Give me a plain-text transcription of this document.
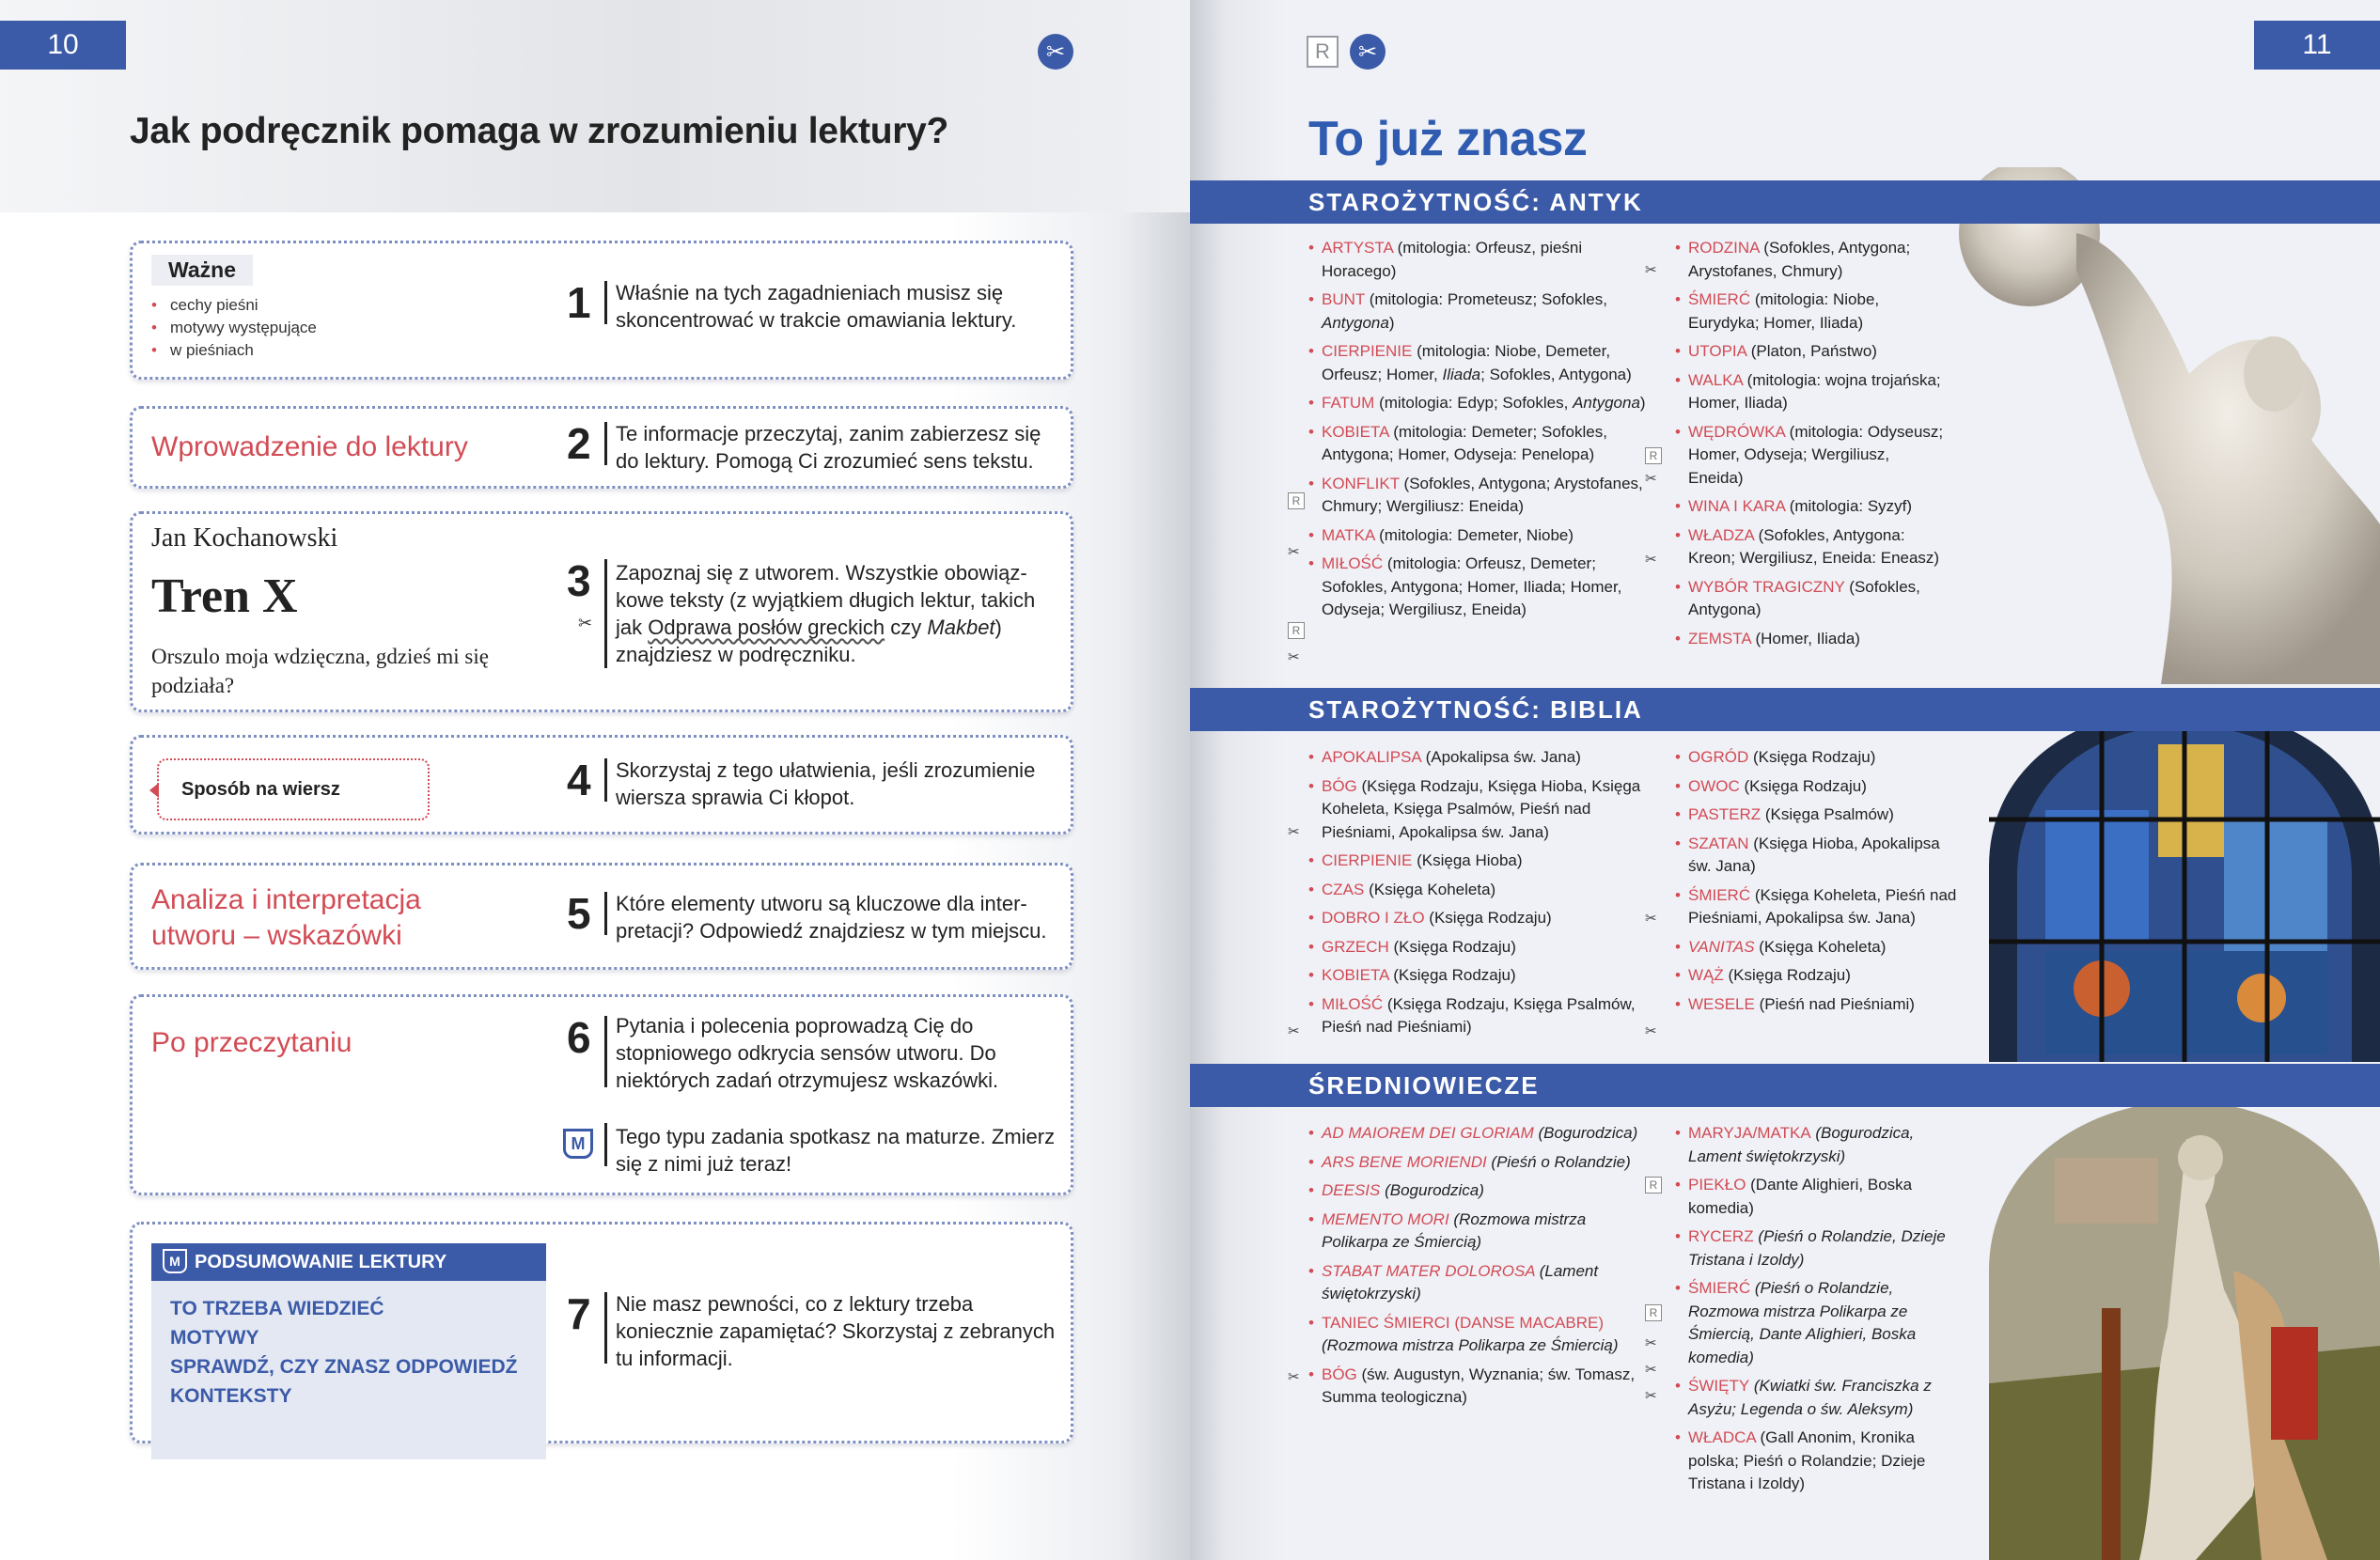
10	✂
Jak podręcznik pomaga w zrozumieniu lektury?
Ważne
• cechy pieśni
• motywy występujące
• w pieśniach
1 Właśnie na tych zagadnieniach musisz się skoncentrować w trakcie omawiania lektury.
Wprowadzenie do lektury 2 Te informacje przeczytaj, zanim zabierzesz się do lektury. Pomogą Ci zrozumieć sens tekstu.
Jan Kochanowski
Tren X
Orszulo moja wdzięczna, gdzieś mi się podziała?
3
✂
Zapoznaj się z utworem. Wszystkie obowiąz-kowe teksty (z wyjątkiem długich lektur, takich jak Odprawa posłów greckich czy Makbet) znajdziesz w podręczniku.
Sposób na wiersz	4 Skorzystaj z tego ułatwienia, jeśli zrozumienie wiersza sprawia Ci kłopot.
Analiza i interpretacja
utworu – wskazówki	5 Które elementy utworu są kluczowe dla inter-pretacji? Odpowiedź znajdziesz w tym miejscu.
Po przeczytaniu	6 Pytania i polecenia poprowadzą Cię do stopniowego odkrycia sensów utworu. Do niektórych zadań otrzymujesz wskazówki.
M	Tego typu zadania spotkasz na maturze. Zmierz się z nimi już teraz!
M PODSUMOWANIE LEKTURY
TO TRZEBA WIEDZIEĆ
MOTYWY
SPRAWDŹ, CZY ZNASZ ODPOWIEDŹ
KONTEKSTY
7 Nie masz pewności, co z lektury trzeba koniecznie zapamiętać? Skorzystaj z zebranych tu informacji.
R	✂	11
To już znasz
STAROŻYTNOŚĆ: ANTYK
STAROŻYTNOŚĆ: BIBLIA
ŚREDNIOWIECZE
• ARTYSTA (mitologia: Orfeusz, pieśni Horacego)
• BUNT (mitologia: Prometeusz; Sofokles, Antygona)
• CIERPIENIE (mitologia: Niobe, Demeter, Orfeusz; Homer, Iliada; Sofokles, Antygona)
• FATUM (mitologia: Edyp; Sofokles, Antygona)
• KOBIETA (mitologia: Demeter; Sofokles, Antygona; Homer, Odyseja: Penelopa)
• KONFLIKT (Sofokles, Antygona; Arystofanes, Chmury; Wergiliusz: Eneida)
• MATKA (mitologia: Demeter, Niobe)
• MIŁOŚĆ (mitologia: Orfeusz, Demeter; Sofokles, Antygona; Homer, Iliada; Homer, Odyseja; Wergiliusz, Eneida)
R
✂
R
✂
• RODZINA (Sofokles, Antygona; Arystofanes, Chmury)
• ŚMIERĆ (mitologia: Niobe, Eurydyka; Homer, Iliada)
• UTOPIA (Platon, Państwo)
• WALKA (mitologia: wojna trojańska; Homer, Iliada)
• WĘDRÓWKA (mitologia: Odyseusz; Homer, Odyseja; Wergiliusz, Eneida)
• WINA I KARA (mitologia: Syzyf)
• WŁADZA (Sofokles, Antygona: Kreon; Wergiliusz, Eneida: Eneasz)
• WYBÓR TRAGICZNY (Sofokles, Antygona)
• ZEMSTA (Homer, Iliada)
✂
R
✂
✂
• APOKALIPSA (Apokalipsa św. Jana)
• BÓG (Księga Rodzaju, Księga Hioba, Księga Koheleta, Księga Psalmów, Pieśń nad Pieśniami, Apokalipsa św. Jana)
• CIERPIENIE (Księga Hioba)
• CZAS (Księga Koheleta)
• DOBRO I ZŁO (Księga Rodzaju)
• GRZECH (Księga Rodzaju)
• KOBIETA (Księga Rodzaju)
• MIŁOŚĆ (Księga Rodzaju, Księga Psalmów, Pieśń nad Pieśniami)
✂
✂
• OGRÓD (Księga Rodzaju)
• OWOC (Księga Rodzaju)
• PASTERZ (Księga Psalmów)
• SZATAN (Księga Hioba, Apokalipsa św. Jana)
• ŚMIERĆ (Księga Koheleta, Pieśń nad Pieśniami, Apokalipsa św. Jana)
• VANITAS (Księga Koheleta)
• WĄŻ (Księga Rodzaju)
• WESELE (Pieśń nad Pieśniami)
✂
✂
• AD MAIOREM DEI GLORIAM (Bogurodzica)
• ARS BENE MORIENDI (Pieśń o Rolandzie)
• DEESIS (Bogurodzica)
• MEMENTO MORI (Rozmowa mistrza Polikarpa ze Śmiercią)
• STABAT MATER DOLOROSA (Lament świętokrzyski)
• TANIEC ŚMIERCI (DANSE MACABRE) (Rozmowa mistrza Polikarpa ze Śmiercią)
• BÓG (św. Augustyn, Wyznania; św. Tomasz, Summa teologiczna)
✂
• MARYJA/MATKA (Bogurodzica, Lament świętokrzyski)
• PIEKŁO (Dante Alighieri, Boska komedia)
• RYCERZ (Pieśń o Rolandzie, Dzieje Tristana i Izoldy)
• ŚMIERĆ (Pieśń o Rolandzie, Rozmowa mistrza Polikarpa ze Śmiercią, Dante Alighieri, Boska komedia)
• ŚWIĘTY (Kwiatki św. Franciszka z Asyżu; Legenda o św. Aleksym)
• WŁADCA (Gall Anonim, Kronika polska; Pieśń o Rolandzie; Dzieje Tristana i Izoldy)
R
R
✂
✂
✂
